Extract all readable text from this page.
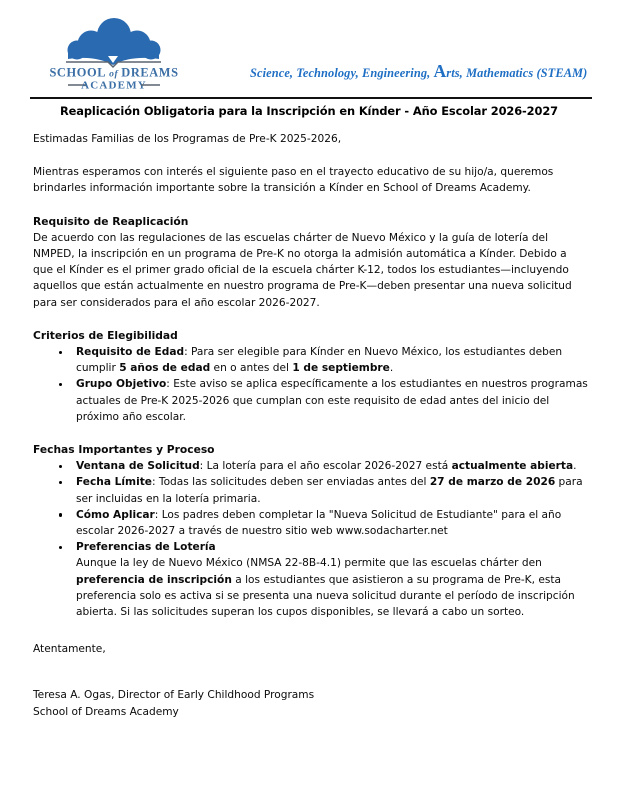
SCHOOL of DREAMS
ACADEMY
Science, Technology, Engineering, Arts, Mathematics (STEAM)
Reaplicación Obligatoria para la Inscripción en Kínder - Año Escolar 2026-2027

Estimadas Familias de los Programas de Pre-K 2025-2026,

Mientras esperamos con interés el siguiente paso en el trayecto educativo de su hijo/a, queremos brindarles información importante sobre la transición a Kínder en School of Dreams Academy.

Requisito de Reaplicación

De acuerdo con las regulaciones de las escuelas chárter de Nuevo México y la guía de lotería del NMPED, la inscripción en un programa de Pre-K no otorga la admisión automática a Kínder. Debido a que el Kínder es el primer grado oficial de la escuela chárter K-12, todos los estudiantes—incluyendo aquellos que están actualmente en nuestro programa de Pre-K—deben presentar una nueva solicitud para ser considerados para el año escolar 2026-2027.

Criterios de Elegibilidad

Requisito de Edad: Para ser elegible para Kínder en Nuevo México, los estudiantes deben cumplir 5 años de edad en o antes del 1 de septiembre.
Grupo Objetivo: Este aviso se aplica específicamente a los estudiantes en nuestros programas actuales de Pre-K 2025-2026 que cumplan con este requisito de edad antes del inicio del próximo año escolar.

Fechas Importantes y Proceso

Ventana de Solicitud: La lotería para el año escolar 2026-2027 está actualmente abierta.
Fecha Límite: Todas las solicitudes deben ser enviadas antes del 27 de marzo de 2026 para ser incluidas en la lotería primaria.
Cómo Aplicar: Los padres deben completar la "Nueva Solicitud de Estudiante" para el año escolar 2026-2027 a través de nuestro sitio web www.sodacharter.net
Preferencias de Lotería
Aunque la ley de Nuevo México (NMSA 22-8B-4.1) permite que las escuelas chárter den preferencia de inscripción a los estudiantes que asistieron a su programa de Pre-K, esta preferencia solo es activa si se presenta una nueva solicitud durante el período de inscripción abierta. Si las solicitudes superan los cupos disponibles, se llevará a cabo un sorteo.

Atentamente,

Teresa A. Ogas, Director of Early Childhood Programs
School of Dreams Academy
